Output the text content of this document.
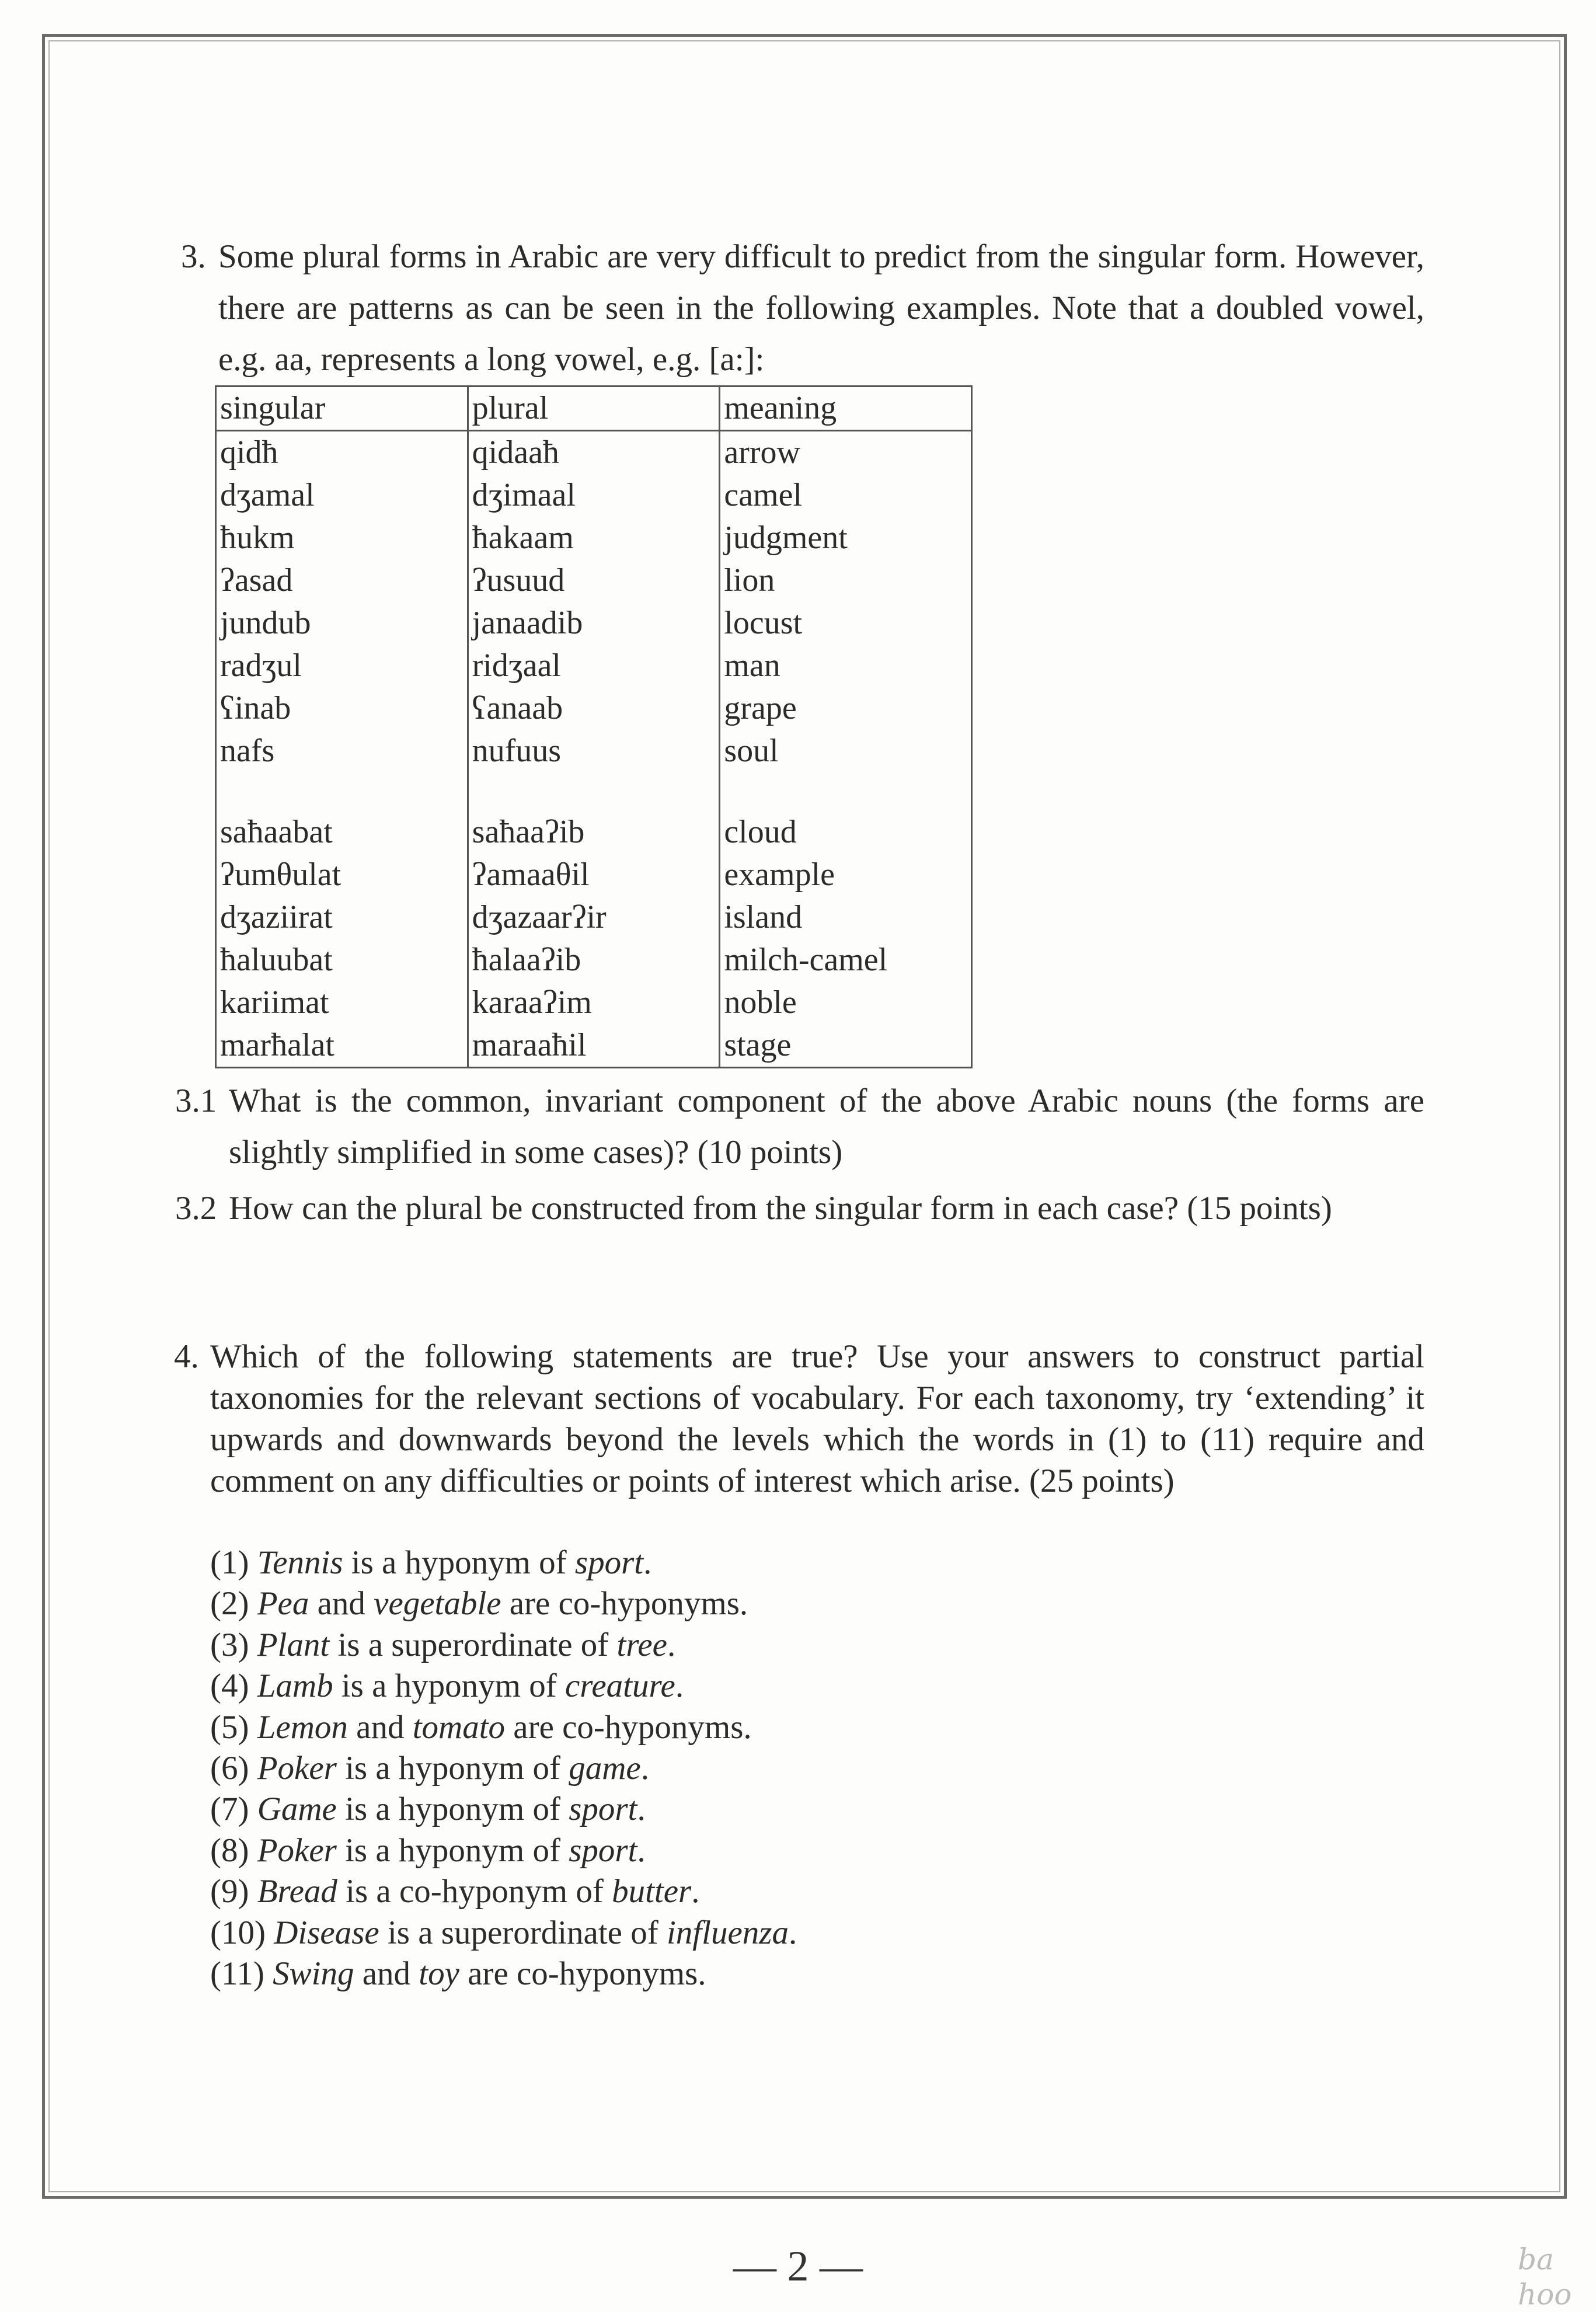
3. Some plural forms in Arabic are very difficult to predict from the singular form. However, there are patterns as can be seen in the following examples. Note that a doubled vowel, e.g. aa, represents a long vowel, e.g. [a:]:
singular	plural	meaning
qidħ	qidaaħ	arrow
dʒamal	dʒimaal	camel
ħukm	ħakaam	judgment
ʔasad	ʔusuud	lion
jundub	janaadib	locust
radʒul	ridʒaal	man
ʕinab	ʕanaab	grape
nafs	nufuus	soul

saħaabat	saħaaʔib	cloud
ʔumθulat	ʔamaaθil	example
dʒaziirat	dʒazaarʔir	island
ħaluubat	ħalaaʔib	milch-camel
kariimat	karaaʔim	noble
marħalat	maraaħil	stage
3.1 What is the common, invariant component of the above Arabic nouns (the forms are slightly simplified in some cases)? (10 points)
3.2 How can the plural be constructed from the singular form in each case? (15 points)
4. Which of the following statements are true? Use your answers to construct partial taxonomies for the relevant sections of vocabulary. For each taxonomy, try ‘extending’ it upwards and downwards beyond the levels which the words in (1) to (11) require and comment on any difficulties or points of interest which arise. (25 points)
(1) Tennis is a hyponym of sport.
(2) Pea and vegetable are co-hyponyms.
(3) Plant is a superordinate of tree.
(4) Lamb is a hyponym of creature.
(5) Lemon and tomato are co-hyponyms.
(6) Poker is a hyponym of game.
(7) Game is a hyponym of sport.
(8) Poker is a hyponym of sport.
(9) Bread is a co-hyponym of butter.
(10) Disease is a superordinate of influenza.
(11) Swing and toy are co-hyponyms.
— 2 —	ba
hoo
